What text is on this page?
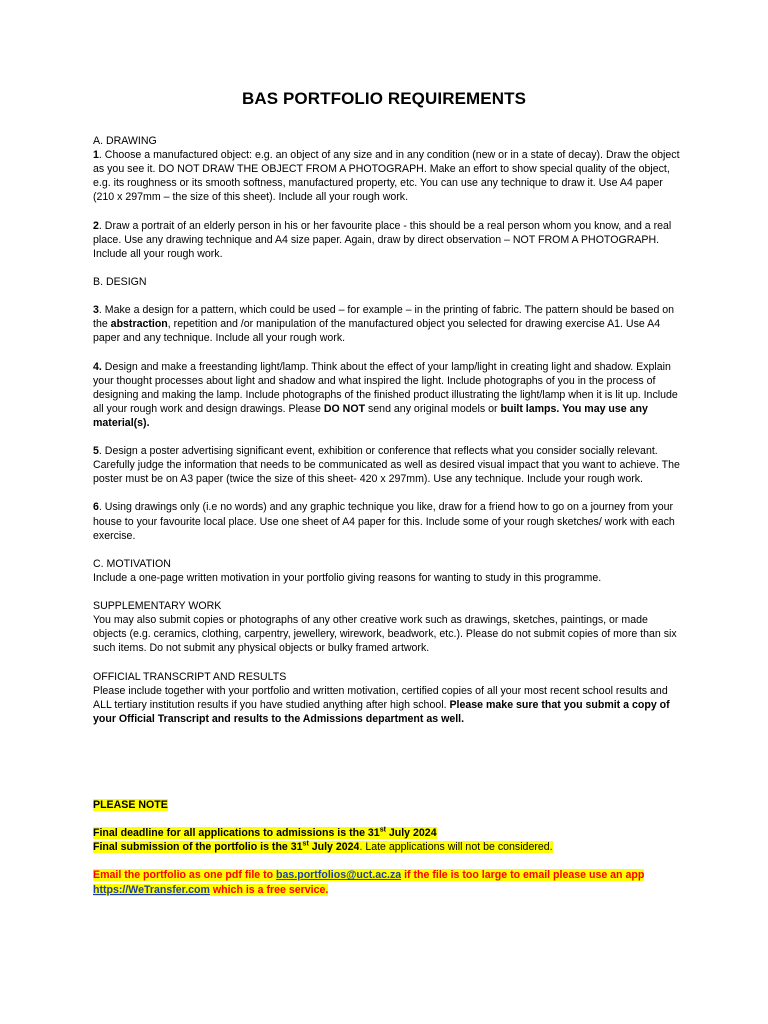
BAS PORTFOLIO REQUIREMENTS

A. DRAWING

1. Choose a manufactured object: e.g. an object of any size and in any condition (new or in a state of decay). Draw the object as you see it. DO NOT DRAW THE OBJECT FROM A PHOTOGRAPH. Make an effort to show special quality of the object, e.g. its roughness or its smooth softness, manufactured property, etc. You can use any technique to draw it. Use A4 paper (210 x 297mm – the size of this sheet). Include all your rough work.

2. Draw a portrait of an elderly person in his or her favourite place - this should be a real person whom you know, and a real place. Use any drawing technique and A4 size paper. Again, draw by direct observation – NOT FROM A PHOTOGRAPH. Include all your rough work.

B. DESIGN

3. Make a design for a pattern, which could be used – for example – in the printing of fabric. The pattern should be based on the abstraction, repetition and /or manipulation of the manufactured object you selected for drawing exercise A1. Use A4 paper and any technique. Include all your rough work.

4. Design and make a freestanding light/lamp. Think about the effect of your lamp/light in creating light and shadow. Explain your thought processes about light and shadow and what inspired the light. Include photographs of you in the process of designing and making the lamp. Include photographs of the finished product illustrating the light/lamp when it is lit up. Include all your rough work and design drawings. Please DO NOT send any original models or built lamps. You may use any material(s).

5. Design a poster advertising significant event, exhibition or conference that reflects what you consider socially relevant. Carefully judge the information that needs to be communicated as well as desired visual impact that you want to achieve. The poster must be on A3 paper (twice the size of this sheet- 420 x 297mm). Use any technique. Include your rough work.

6. Using drawings only (i.e no words) and any graphic technique you like, draw for a friend how to go on a journey from your house to your favourite local place. Use one sheet of A4 paper for this. Include some of your rough sketches/ work with each exercise.

C. MOTIVATION

Include a one-page written motivation in your portfolio giving reasons for wanting to study in this programme.

SUPPLEMENTARY WORK

You may also submit copies or photographs of any other creative work such as drawings, sketches, paintings, or made objects (e.g. ceramics, clothing, carpentry, jewellery, wirework, beadwork, etc.). Please do not submit copies of more than six such items. Do not submit any physical objects or bulky framed artwork.

OFFICIAL TRANSCRIPT AND RESULTS

Please include together with your portfolio and written motivation, certified copies of all your most recent school results and ALL tertiary institution results if you have studied anything after high school. Please make sure that you submit a copy of your Official Transcript and results to the Admissions department as well.

PLEASE NOTE

Final deadline for all applications to admissions is the 31st July 2024

Final submission of the portfolio is the 31st July 2024. Late applications will not be considered.

Email the portfolio as one pdf file to bas.portfolios@uct.ac.za if the file is too large to email please use an app

https://WeTransfer.com which is a free service.
